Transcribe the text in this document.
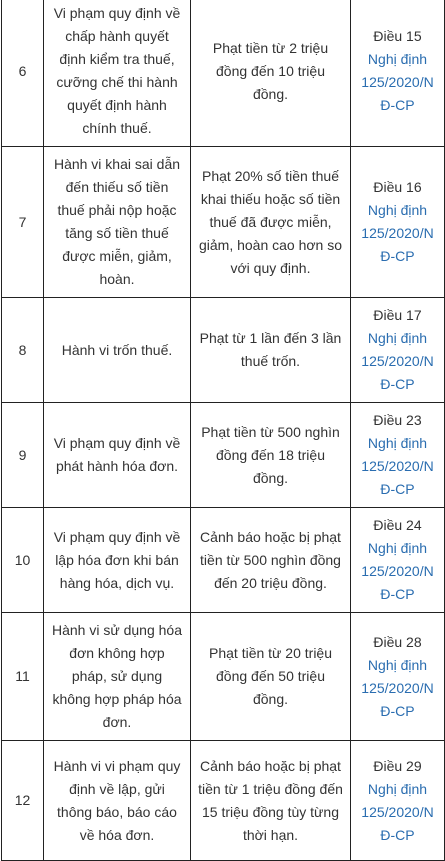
6	Vi phạm quy định về chấp hành quyết định kiểm tra thuế, cưỡng chế thi hành quyết định hành chính thuế.	Phạt tiền từ 2 triệu đồng đến 10 triệu đồng.	Điều 15 Nghị định 125/2020/NĐ-CP
7	Hành vi khai sai dẫn đến thiếu số tiền thuế phải nộp hoặc tăng số tiền thuế được miễn, giảm, hoàn.	Phạt 20% số tiền thuế khai thiếu hoặc số tiền thuế đã được miễn, giảm, hoàn cao hơn so với quy định.	Điều 16 Nghị định 125/2020/NĐ-CP
8	Hành vi trốn thuế.	Phạt từ 1 lần đến 3 lần thuế trốn.	Điều 17 Nghị định 125/2020/NĐ-CP
9	Vi phạm quy định về phát hành hóa đơn.	Phạt tiền từ 500 nghìn đồng đến 18 triệu đồng.	Điều 23 Nghị định 125/2020/NĐ-CP
10	Vi phạm quy định về lập hóa đơn khi bán hàng hóa, dịch vụ.	Cảnh báo hoặc bị phạt tiền từ 500 nghìn đồng đến 20 triệu đồng.	Điều 24 Nghị định 125/2020/NĐ-CP
11	Hành vi sử dụng hóa đơn không hợp pháp, sử dụng không hợp pháp hóa đơn.	Phạt tiền từ 20 triệu đồng đến 50 triệu đồng.	Điều 28 Nghị định 125/2020/NĐ-CP
12	Hành vi vi phạm quy định về lập, gửi thông báo, báo cáo về hóa đơn.	Cảnh báo hoặc bị phạt tiền từ 1 triệu đồng đến 15 triệu đồng tùy từng thời hạn.	Điều 29 Nghị định 125/2020/NĐ-CP
